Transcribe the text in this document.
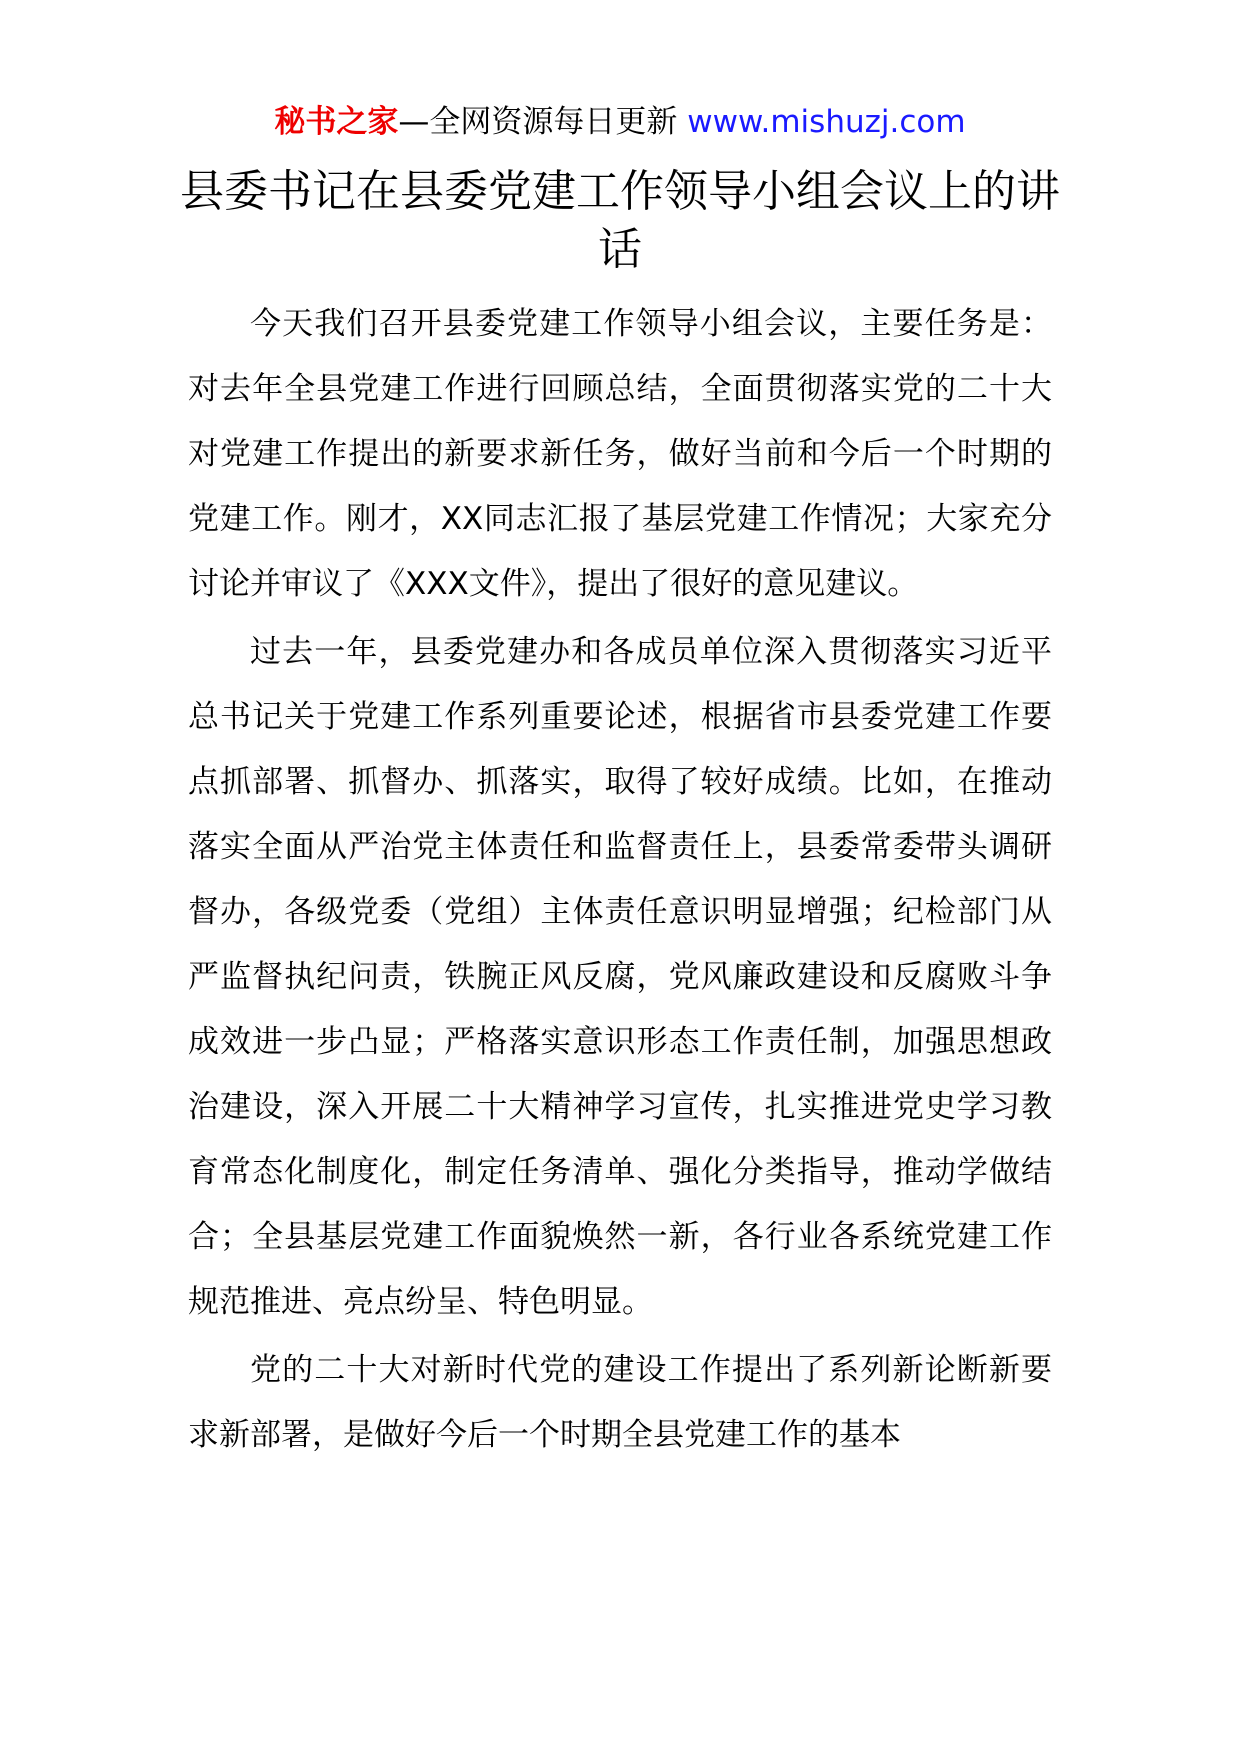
秘书之家—全网资源每日更新 www.mishuzj.com
县委书记在县委党建工作领导小组会议上的讲话

今天我们召开县委党建工作领导小组会议，主要任务是：对去年全县党建工作进行回顾总结，全面贯彻落实党的二十大对党建工作提出的新要求新任务，做好当前和今后一个时期的党建工作。刚才，XX同志汇报了基层党建工作情况；大家充分讨论并审议了《XXX文件》，提出了很好的意见建议。

过去一年，县委党建办和各成员单位深入贯彻落实习近平总书记关于党建工作系列重要论述，根据省市县委党建工作要点抓部署、抓督办、抓落实，取得了较好成绩。比如，在推动落实全面从严治党主体责任和监督责任上，县委常委带头调研督办，各级党委（党组）主体责任意识明显增强；纪检部门从严监督执纪问责，铁腕正风反腐，党风廉政建设和反腐败斗争成效进一步凸显；严格落实意识形态工作责任制，加强思想政治建设，深入开展二十大精神学习宣传，扎实推进党史学习教育常态化制度化，制定任务清单、强化分类指导，推动学做结合；全县基层党建工作面貌焕然一新，各行业各系统党建工作规范推进、亮点纷呈、特色明显。

党的二十大对新时代党的建设工作提出了系列新论断新要求新部署，是做好今后一个时期全县党建工作的基本
